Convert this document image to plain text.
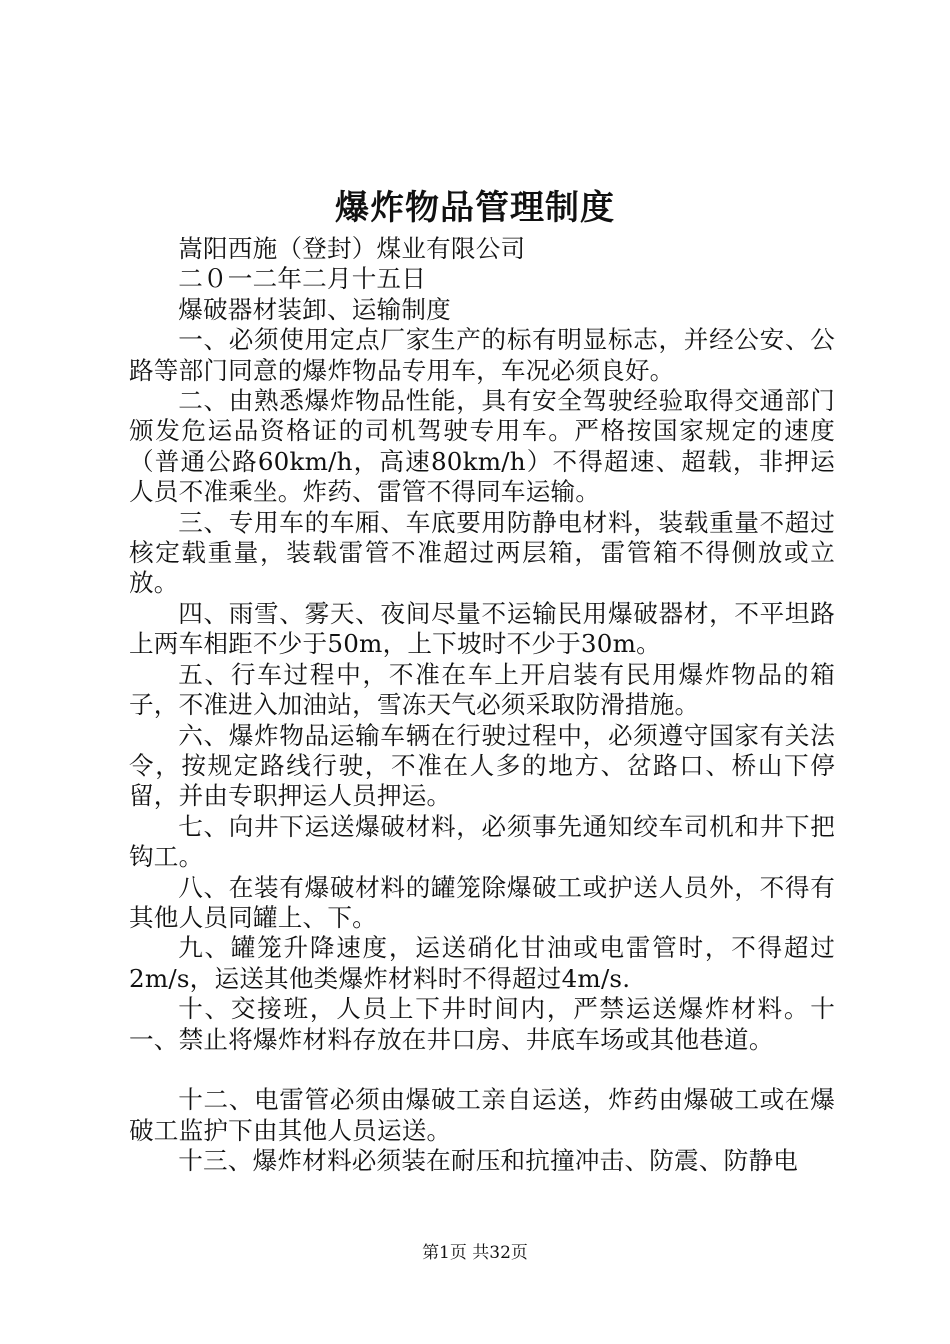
爆炸物品管理制度

嵩阳西施（登封）煤业有限公司

二０一二年二月十五日

爆破器材装卸、运输制度

一、必须使用定点厂家生产的标有明显标志，并经公安、公路等部门同意的爆炸物品专用车，车况必须良好。

二、由熟悉爆炸物品性能，具有安全驾驶经验取得交通部门颁发危运品资格证的司机驾驶专用车。严格按国家规定的速度（普通公路60km/h，高速80km/h）不得超速、超载，非押运人员不准乘坐。炸药、雷管不得同车运输。

三、专用车的车厢、车底要用防静电材料，装载重量不超过核定载重量，装载雷管不准超过两层箱，雷管箱不得侧放或立放。

四、雨雪、雾天、夜间尽量不运输民用爆破器材，不平坦路上两车相距不少于50m，上下坡时不少于30m。

五、行车过程中，不准在车上开启装有民用爆炸物品的箱子，不准进入加油站，雪冻天气必须采取防滑措施。

六、爆炸物品运输车辆在行驶过程中，必须遵守国家有关法令，按规定路线行驶，不准在人多的地方、岔路口、桥山下停留，并由专职押运人员押运。

七、向井下运送爆破材料，必须事先通知绞车司机和井下把钩工。

八、在装有爆破材料的罐笼除爆破工或护送人员外，不得有其他人员同罐上、下。

九、罐笼升降速度，运送硝化甘油或电雷管时，不得超过2m/s，运送其他类爆炸材料时不得超过4m/s.

十、交接班，人员上下井时间内，严禁运送爆炸材料。十一、禁止将爆炸材料存放在井口房、井底车场或其他巷道。

十二、电雷管必须由爆破工亲自运送，炸药由爆破工或在爆破工监护下由其他人员运送。

十三、爆炸材料必须装在耐压和抗撞冲击、防震、防静电

第1页 共32页
